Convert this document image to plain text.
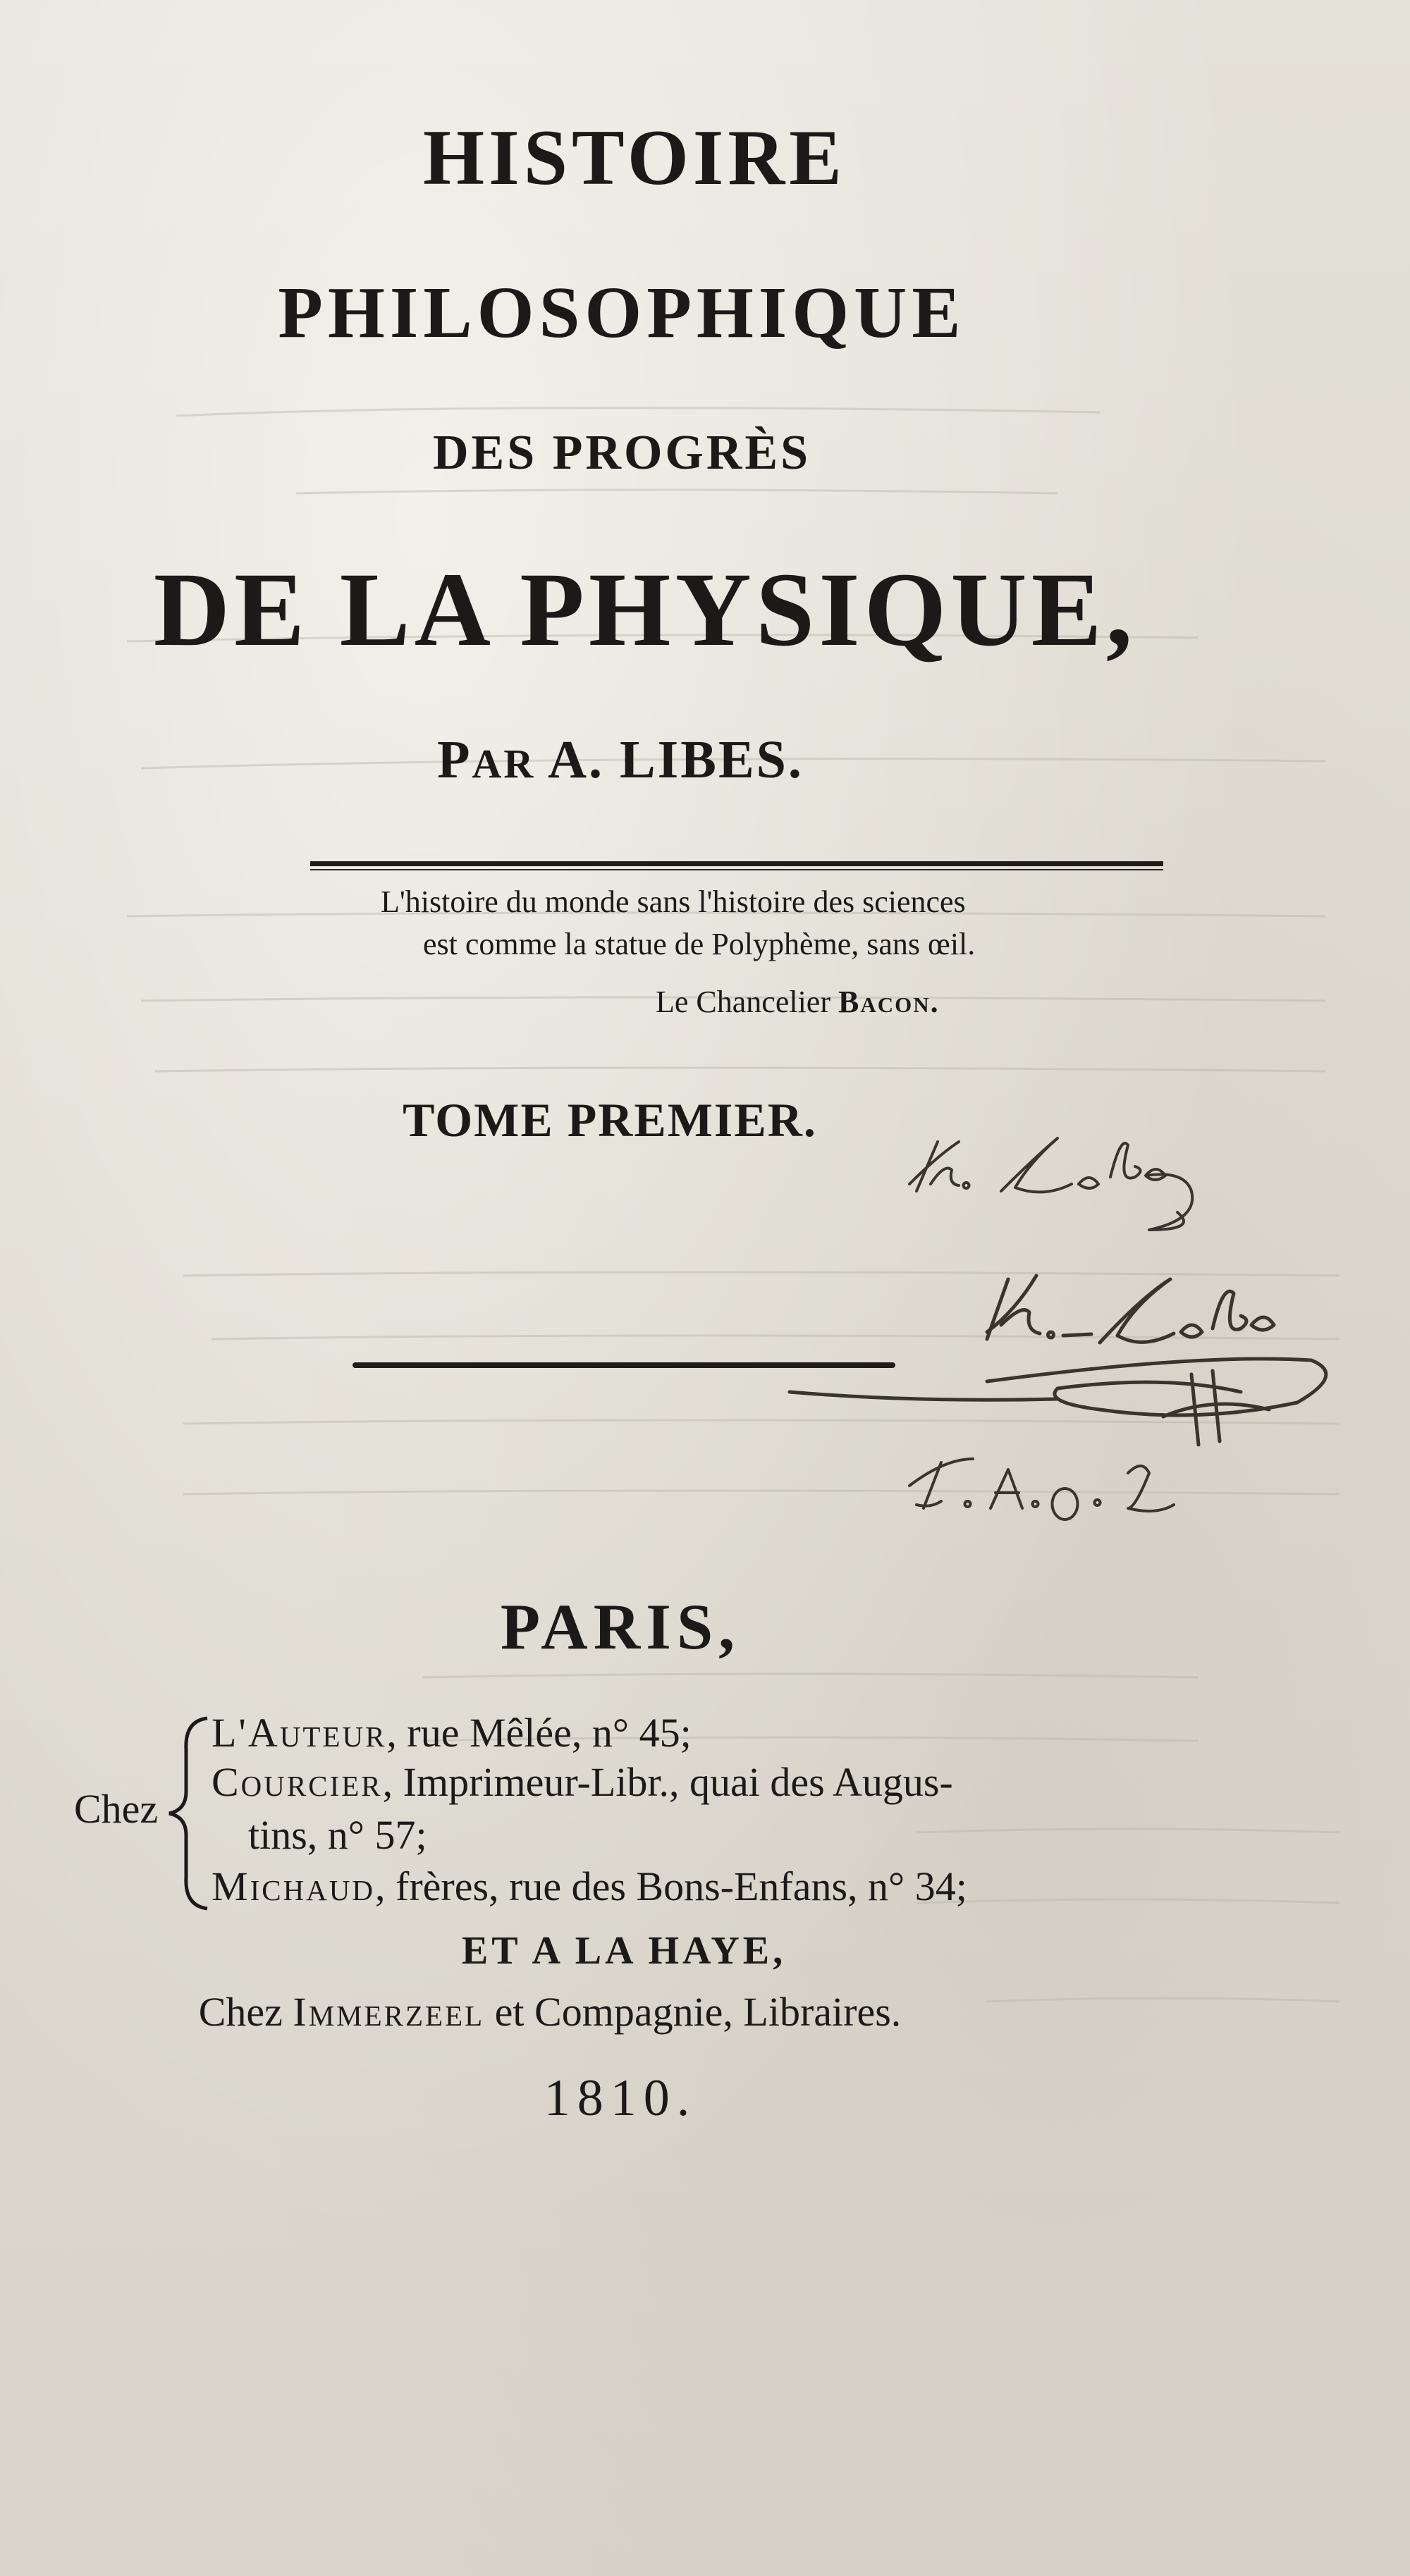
HISTOIRE
PHILOSOPHIQUE
DES PROGRÈS
DE LA PHYSIQUE,
PAR A. LIBES.
L'histoire du monde sans l'histoire des sciences
est comme la statue de Polyphème, sans œil.
Le Chancelier Bacon.
TOME PREMIER.
PARIS,
Chez
L'Auteur, rue Mêlée, n° 45;
Courcier, Imprimeur-Libr., quai des Augus-
tins, n° 57;
Michaud, frères, rue des Bons-Enfans, n° 34;
ET A LA HAYE,
Chez Immerzeel et Compagnie, Libraires.
1810.
